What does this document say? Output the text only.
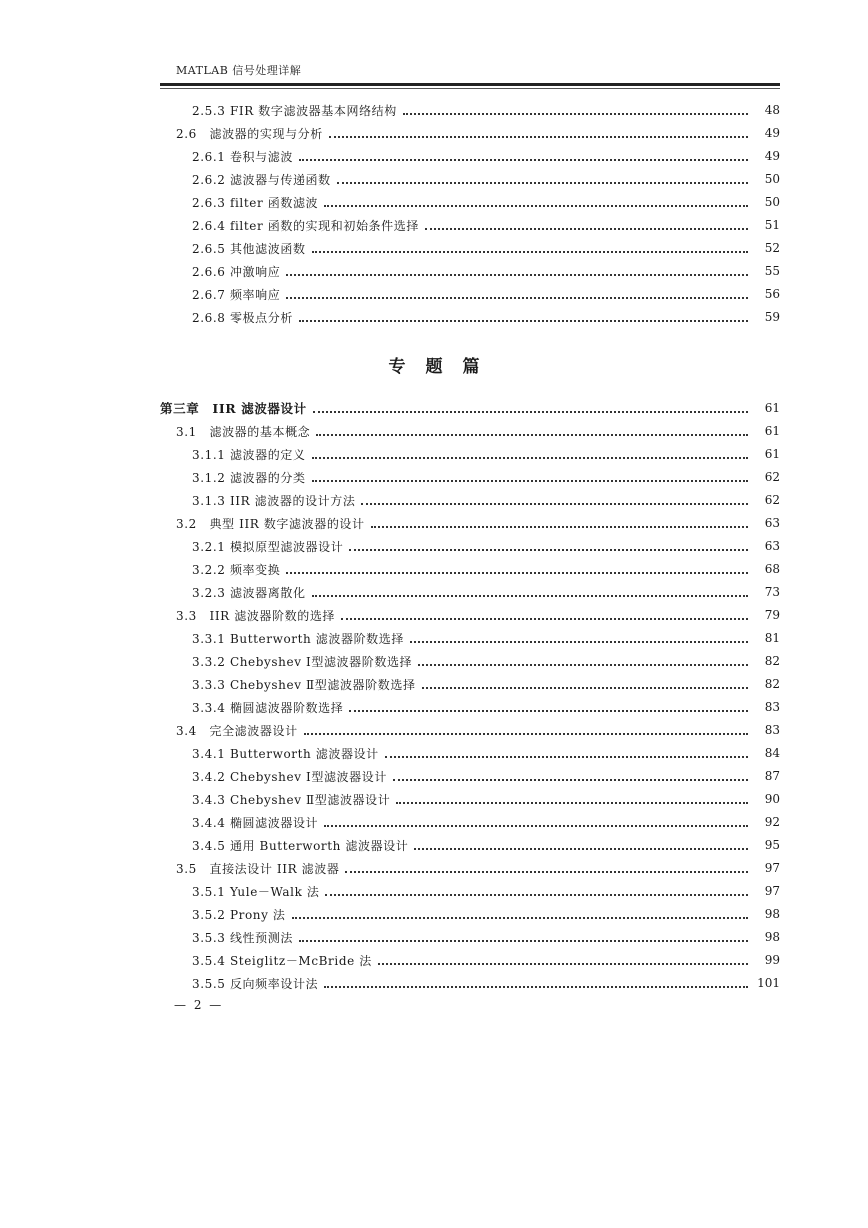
MATLAB 信号处理详解
2.5.3 FIR 数字滤波器基本网络结构	48
2.6　滤波器的实现与分析	49
2.6.1 卷积与滤波	49
2.6.2 滤波器与传递函数	50
2.6.3 filter 函数滤波	50
2.6.4 filter 函数的实现和初始条件选择	51
2.6.5 其他滤波函数	52
2.6.6 冲激响应	55
2.6.7 频率响应	56
2.6.8 零极点分析	59
第三章　IIR 滤波器设计	61
3.1　滤波器的基本概念	61
3.1.1 滤波器的定义	61
3.1.2 滤波器的分类	62
3.1.3 IIR 滤波器的设计方法	62
3.2　典型 IIR 数字滤波器的设计	63
3.2.1 模拟原型滤波器设计	63
3.2.2 频率变换	68
3.2.3 滤波器离散化	73
3.3　IIR 滤波器阶数的选择	79
3.3.1 Butterworth 滤波器阶数选择	81
3.3.2 Chebyshev Ⅰ型滤波器阶数选择	82
3.3.3 Chebyshev Ⅱ型滤波器阶数选择	82
3.3.4 椭圆滤波器阶数选择	83
3.4　完全滤波器设计	83
3.4.1 Butterworth 滤波器设计	84
3.4.2 Chebyshev Ⅰ型滤波器设计	87
3.4.3 Chebyshev Ⅱ型滤波器设计	90
3.4.4 椭圆滤波器设计	92
3.4.5 通用 Butterworth 滤波器设计	95
3.5　直接法设计 IIR 滤波器	97
3.5.1 Yule－Walk 法	97
3.5.2 Prony 法	98
3.5.3 线性预测法	98
3.5.4 Steiglitz－McBride 法	99
3.5.5 反向频率设计法	101
专题篇
— 2 —
